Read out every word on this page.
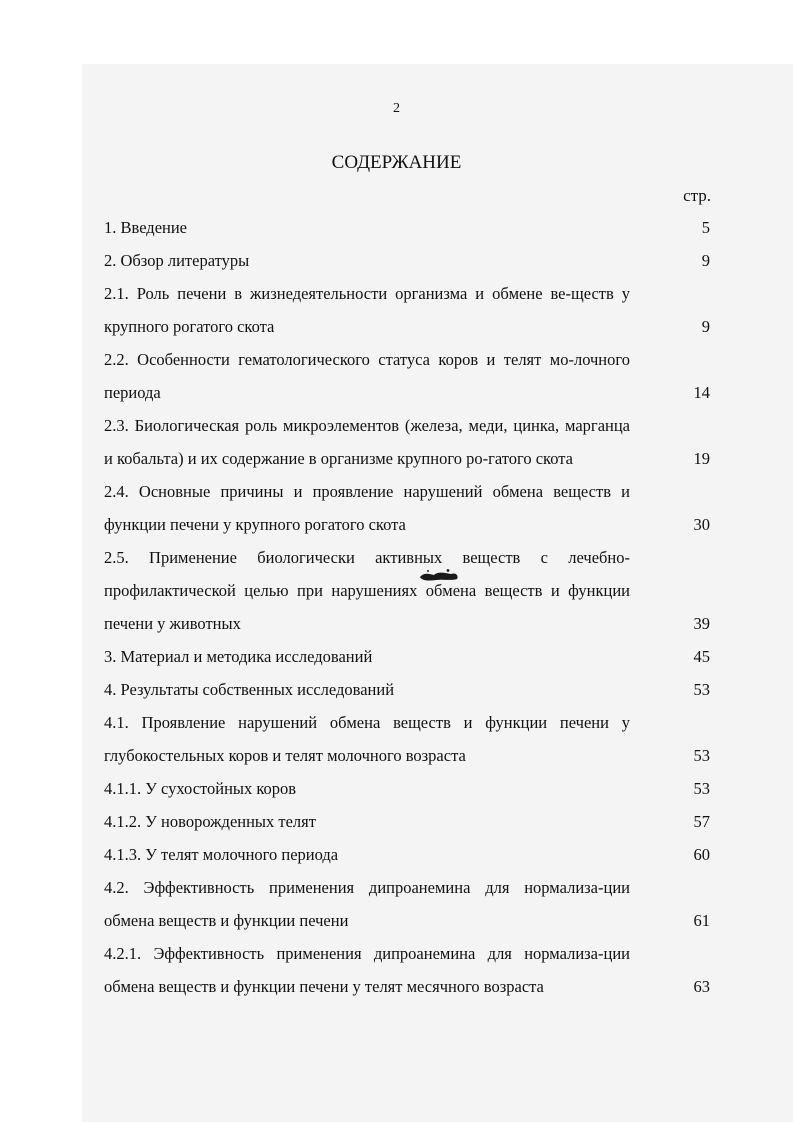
2
СОДЕРЖАНИЕ
стр.
1. Введение	5
2. Обзор литературы	9
2.1. Роль печени в жизнедеятельности организма и обмене ве-ществ у крупного рогатого скота	9
2.2. Особенности гематологического статуса коров и телят мо-лочного периода	14
2.3. Биологическая роль микроэлементов (железа, меди, цинка, марганца и кобальта) и их содержание в организме крупного ро-гатого скота	19
2.4. Основные причины и проявление нарушений обмена веществ и функции печени у крупного рогатого скота	30
2.5. Применение биологически активных веществ с лечебно-профилактической целью при нарушениях обмена веществ и функции печени у животных	39
3. Материал и методика исследований	45
4. Результаты собственных исследований	53
4.1. Проявление нарушений обмена веществ и функции печени у глубокостельных коров и телят молочного возраста	53
4.1.1. У сухостойных коров	53
4.1.2. У новорожденных телят	57
4.1.3. У телят молочного периода	60
4.2. Эффективность применения дипроанемина для нормализа-ции обмена веществ и функции печени	61
4.2.1. Эффективность применения дипроанемина для нормализа-ции обмена веществ и функции печени у телят месячного возраста	63
